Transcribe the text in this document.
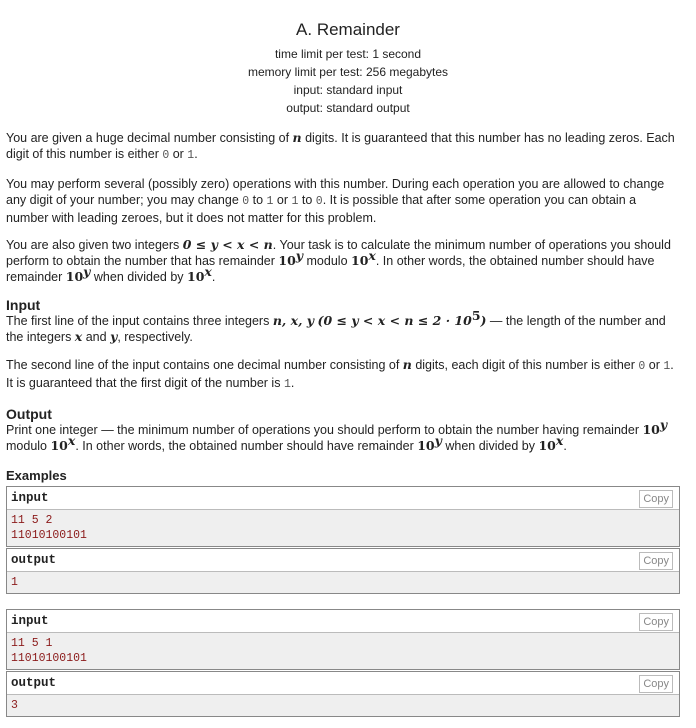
A. Remainder
time limit per test: 1 second
memory limit per test: 256 megabytes
input: standard input
output: standard output

You are given a huge decimal number consisting of n digits. It is guaranteed that this number has no leading zeros. Each digit of this number is either 0 or 1.

You may perform several (possibly zero) operations with this number. During each operation you are allowed to change any digit of your number; you may change 0 to 1 or 1 to 0. It is possible that after some operation you can obtain a number with leading zeroes, but it does not matter for this problem.

You are also given two integers 0 ≤ y < x < n. Your task is to calculate the minimum number of operations you should perform to obtain the number that has remainder 10$^y$ modulo 10$^x$. In other words, the obtained number should have remainder 10$^y$ when divided by 10$^x$.

Input

The first line of the input contains three integers n, x, y $(0 \le y < x < n \le 2 \cdot 10^5)$ — the length of the number and the integers x and y, respectively.

The second line of the input contains one decimal number consisting of n digits, each digit of this number is either 0 or 1. It is guaranteed that the first digit of the number is 1.

Output

Print one integer — the minimum number of operations you should perform to obtain the number having remainder 10$^y$ modulo 10$^x$. In other words, the obtained number should have remainder 10$^y$ when divided by 10$^x$.

Examples
input	Copy
11 5 2
11010100101
output	Copy
1
input	Copy
11 5 1
11010100101
output	Copy
3
